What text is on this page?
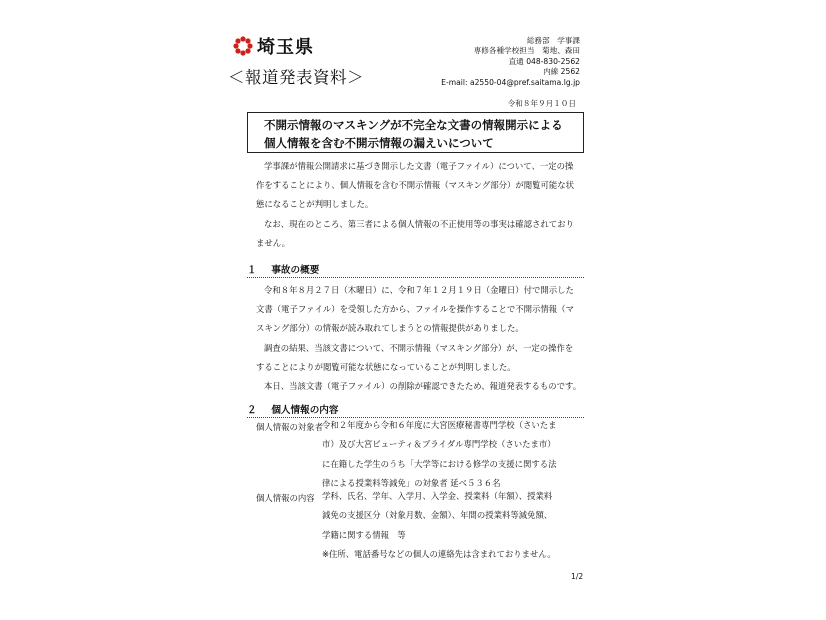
埼玉県
＜報道発表資料＞
総務部　学事課
専修各種学校担当　菊地、森田
直通 048-830-2562
内線 2562
E-mail: a2550-04@pref.saitama.lg.jp
令和８年９月１０日
不開示情報のマスキングが不完全な文書の情報開示による
個人情報を含む不開示情報の漏えいについて
学事課が情報公開請求に基づき開示した文書（電子ファイル）について、一定の操
作をすることにより、個人情報を含む不開示情報（マスキング部分）が閲覧可能な状
態になることが判明しました。
なお、現在のところ、第三者による個人情報の不正使用等の事実は確認されており
ません。
１ 事故の概要
令和８年８月２７日（木曜日）に、令和７年１２月１９日（金曜日）付で開示した
文書（電子ファイル）を受領した方から、ファイルを操作することで不開示情報（マ
スキング部分）の情報が読み取れてしまうとの情報提供がありました。
調査の結果、当該文書について、不開示情報（マスキング部分）が、一定の操作を
することによりが閲覧可能な状態になっていることが判明しました。
本日、当該文書（電子ファイル）の削除が確認できたため、報道発表するものです。
２ 個人情報の内容
個人情報の対象者 令和２年度から令和６年度に大宮医療秘書専門学校（さいたま
市）及び大宮ビューティ＆ブライダル専門学校（さいたま市）
に在籍した学生のうち「大学等における修学の支援に関する法
律による授業料等減免」の対象者 延べ５３６名
個人情報の内容 学科、氏名、学年、入学月、入学金、授業料（年額）、授業料
減免の支援区分（対象月数、金額）、年間の授業料等減免額、
学籍に関する情報　等
※住所、電話番号などの個人の連絡先は含まれておりません。
1/2
